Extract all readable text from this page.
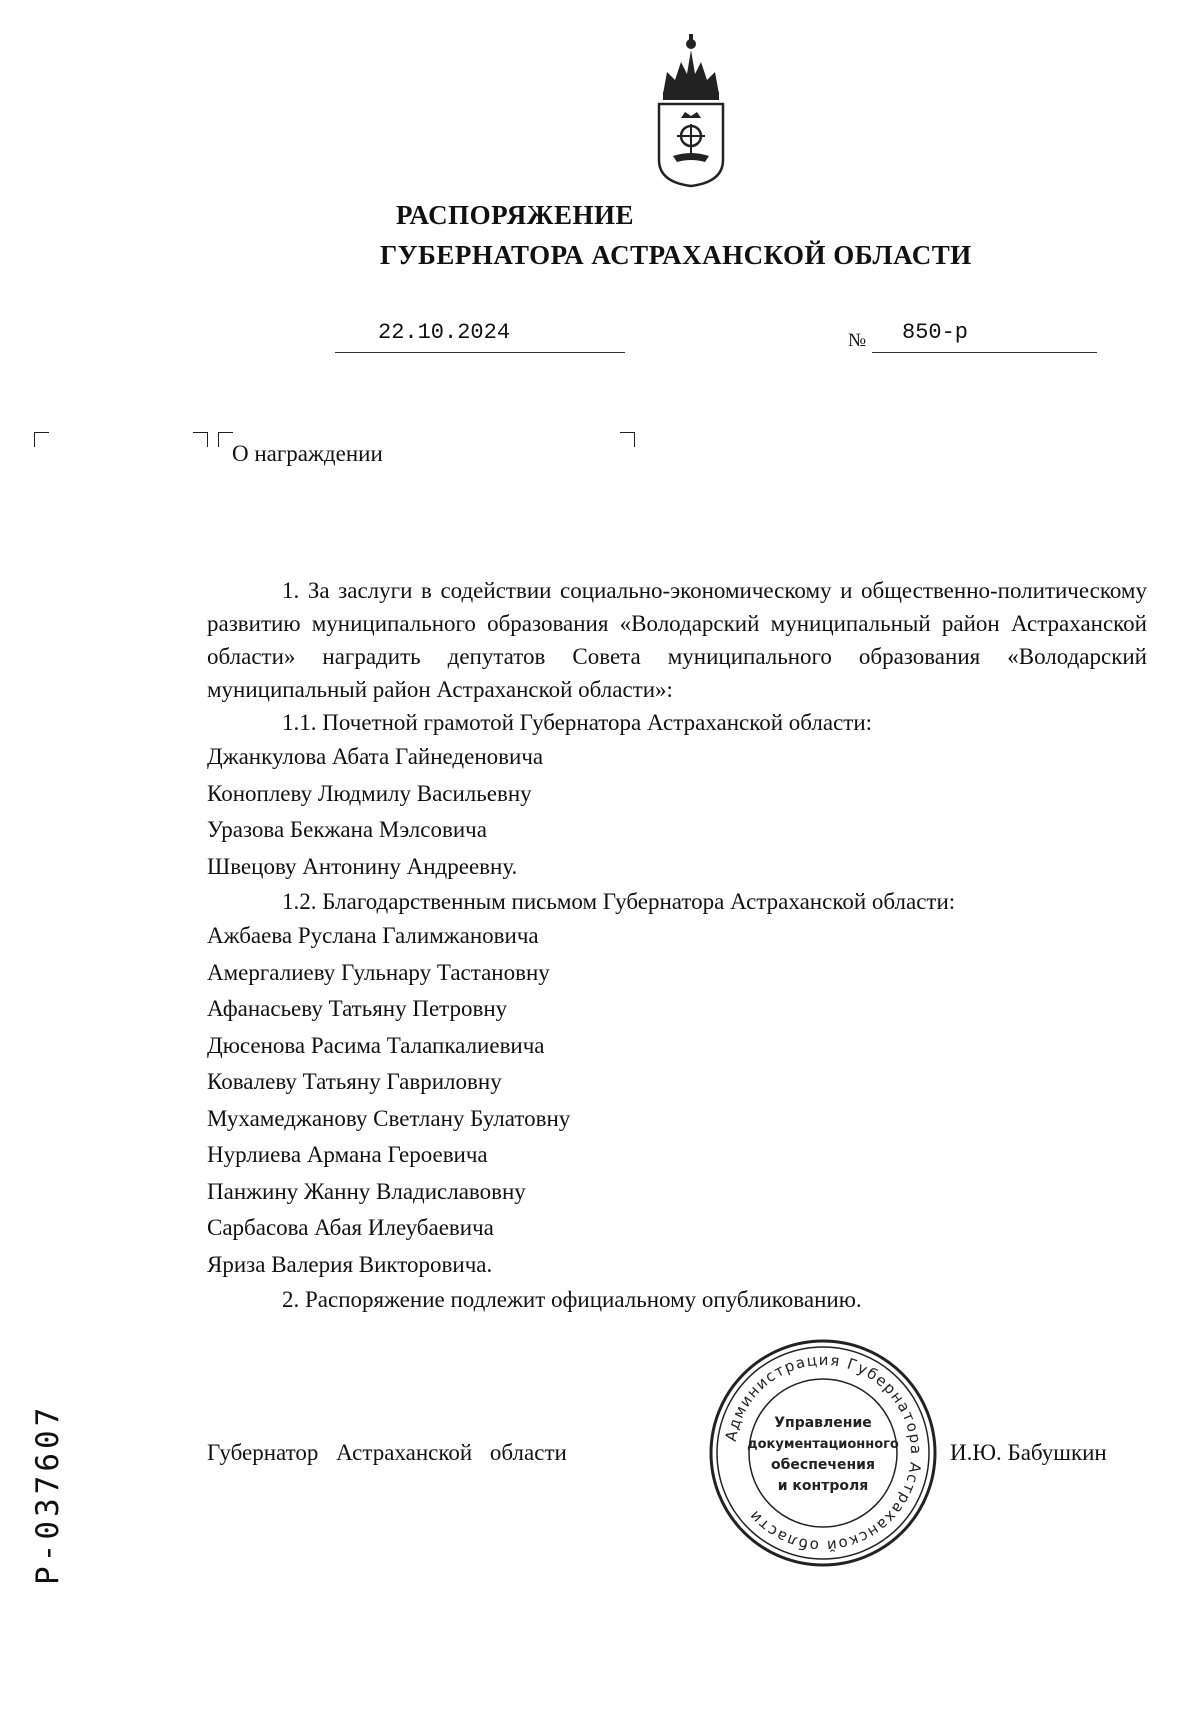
РАСПОРЯЖЕНИЕ
ГУБЕРНАТОРА АСТРАХАНСКОЙ ОБЛАСТИ
22.10.2024	№ 850-р
О награждении

1. За заслуги в содействии социально-экономическому и общественно-политическому развитию муниципального образования «Володарский муниципальный район Астраханской области» наградить депутатов Совета муниципального образования «Володарский муниципальный район Астраханской области»:

1.1. Почетной грамотой Губернатора Астраханской области:

Джанкулова Абата Гайнеденовича

Коноплеву Людмилу Васильевну

Уразова Бекжана Мэлсовича

Швецову Антонину Андреевну.

1.2. Благодарственным письмом Губернатора Астраханской области:

Ажбаева Руслана Галимжановича

Амергалиеву Гульнару Тастановну

Афанасьеву Татьяну Петровну

Дюсенова Расима Талапкалиевича

Ковалеву Татьяну Гавриловну

Мухамеджанову Светлану Булатовну

Нурлиева Армана Героевича

Панжину Жанну Владиславовну

Сарбасова Абая Илеубаевича

Яриза Валерия Викторовича.

2. Распоряжение подлежит официальному опубликованию.

Губернатор Астраханской области	И.Ю. Бабушкин
Администрация Губернатора Астраханской области
Управление
документационного
обеспечения
и контроля
Р-037607
